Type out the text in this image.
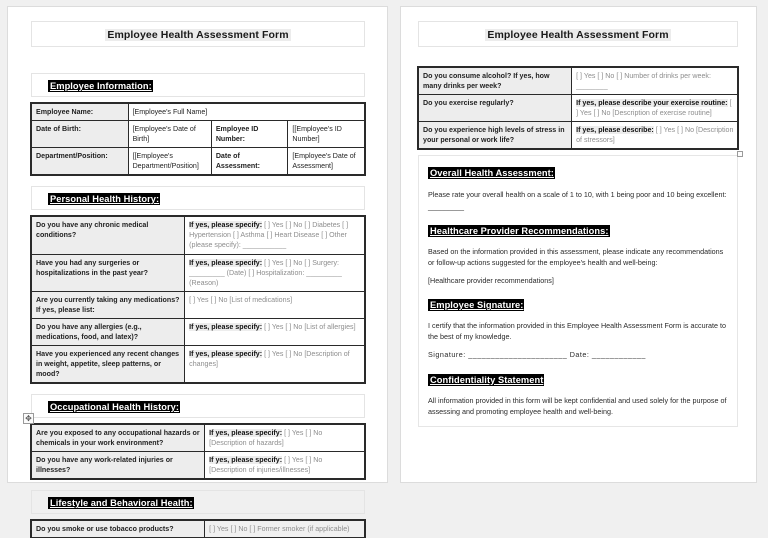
Employee Health Assessment Form
Employee Information:
Employee Name:	[Employee's Full Name]		
Date of Birth:	[Employee's Date of Birth]	Employee ID Number:	[[Employee's ID Number]
Department/Position:	[[Employee's Department/Position]	Date of Assessment:	[Employee's Date of Assessment]
Personal Health History:
Do you have any chronic medical conditions?	If yes, please specify: [ ] Yes [ ] No [ ] Diabetes [ ] Hypertension [ ] Asthma [ ] Heart Disease [ ] Other (please specify): ___________
Have you had any surgeries or hospitalizations in the past year?	If yes, please specify: [ ] Yes [ ] No [ ] Surgery: _________ (Date) [ ] Hospitalization: _________ (Reason)
Are you currently taking any medications? If yes, please list:	[ ] Yes [ ] No [List of medications]
Do you have any allergies (e.g., medications, food, and latex)?	If yes, please specify: [ ] Yes [ ] No [List of allergies]
Have you experienced any recent changes in weight, appetite, sleep patterns, or mood?	If yes, please specify: [ ] Yes [ ] No [Description of changes]
Occupational Health History:
Are you exposed to any occupational hazards or chemicals in your work environment?	If yes, please specify: [ ] Yes [ ] No [Description of hazards]
Do you have any work-related injuries or illnesses?	If yes, please specify: [ ] Yes [ ] No [Description of injuries/illnesses]
Lifestyle and Behavioral Health:
Do you smoke or use tobacco products?	[ ] Yes [ ] No [ ] Former smoker (if applicable)
✥
Employee Health Assessment Form
Do you consume alcohol? If yes, how many drinks per week?	[ ] Yes [ ] No [ ] Number of drinks per week: ________
Do you exercise regularly?	If yes, please describe your exercise routine: [ ] Yes [ ] No [Description of exercise routine]
Do you experience high levels of stress in your personal or work life?	If yes, please describe: [ ] Yes [ ] No [Description of stressors]
Overall Health Assessment:

Please rate your overall health on a scale of 1 to 10, with 1 being poor and 10 being excellent: _________

Healthcare Provider Recommendations:

Based on the information provided in this assessment, please indicate any recommendations or follow-up actions suggested for the employee's health and well-being:

[Healthcare provider recommendations]

Employee Signature:

I certify that the information provided in this Employee Health Assessment Form is accurate to the best of my knowledge.

Signature: ______________________ Date: ____________

Confidentiality Statement

All information provided in this form will be kept confidential and used solely for the purpose of assessing and promoting employee health and well-being.
